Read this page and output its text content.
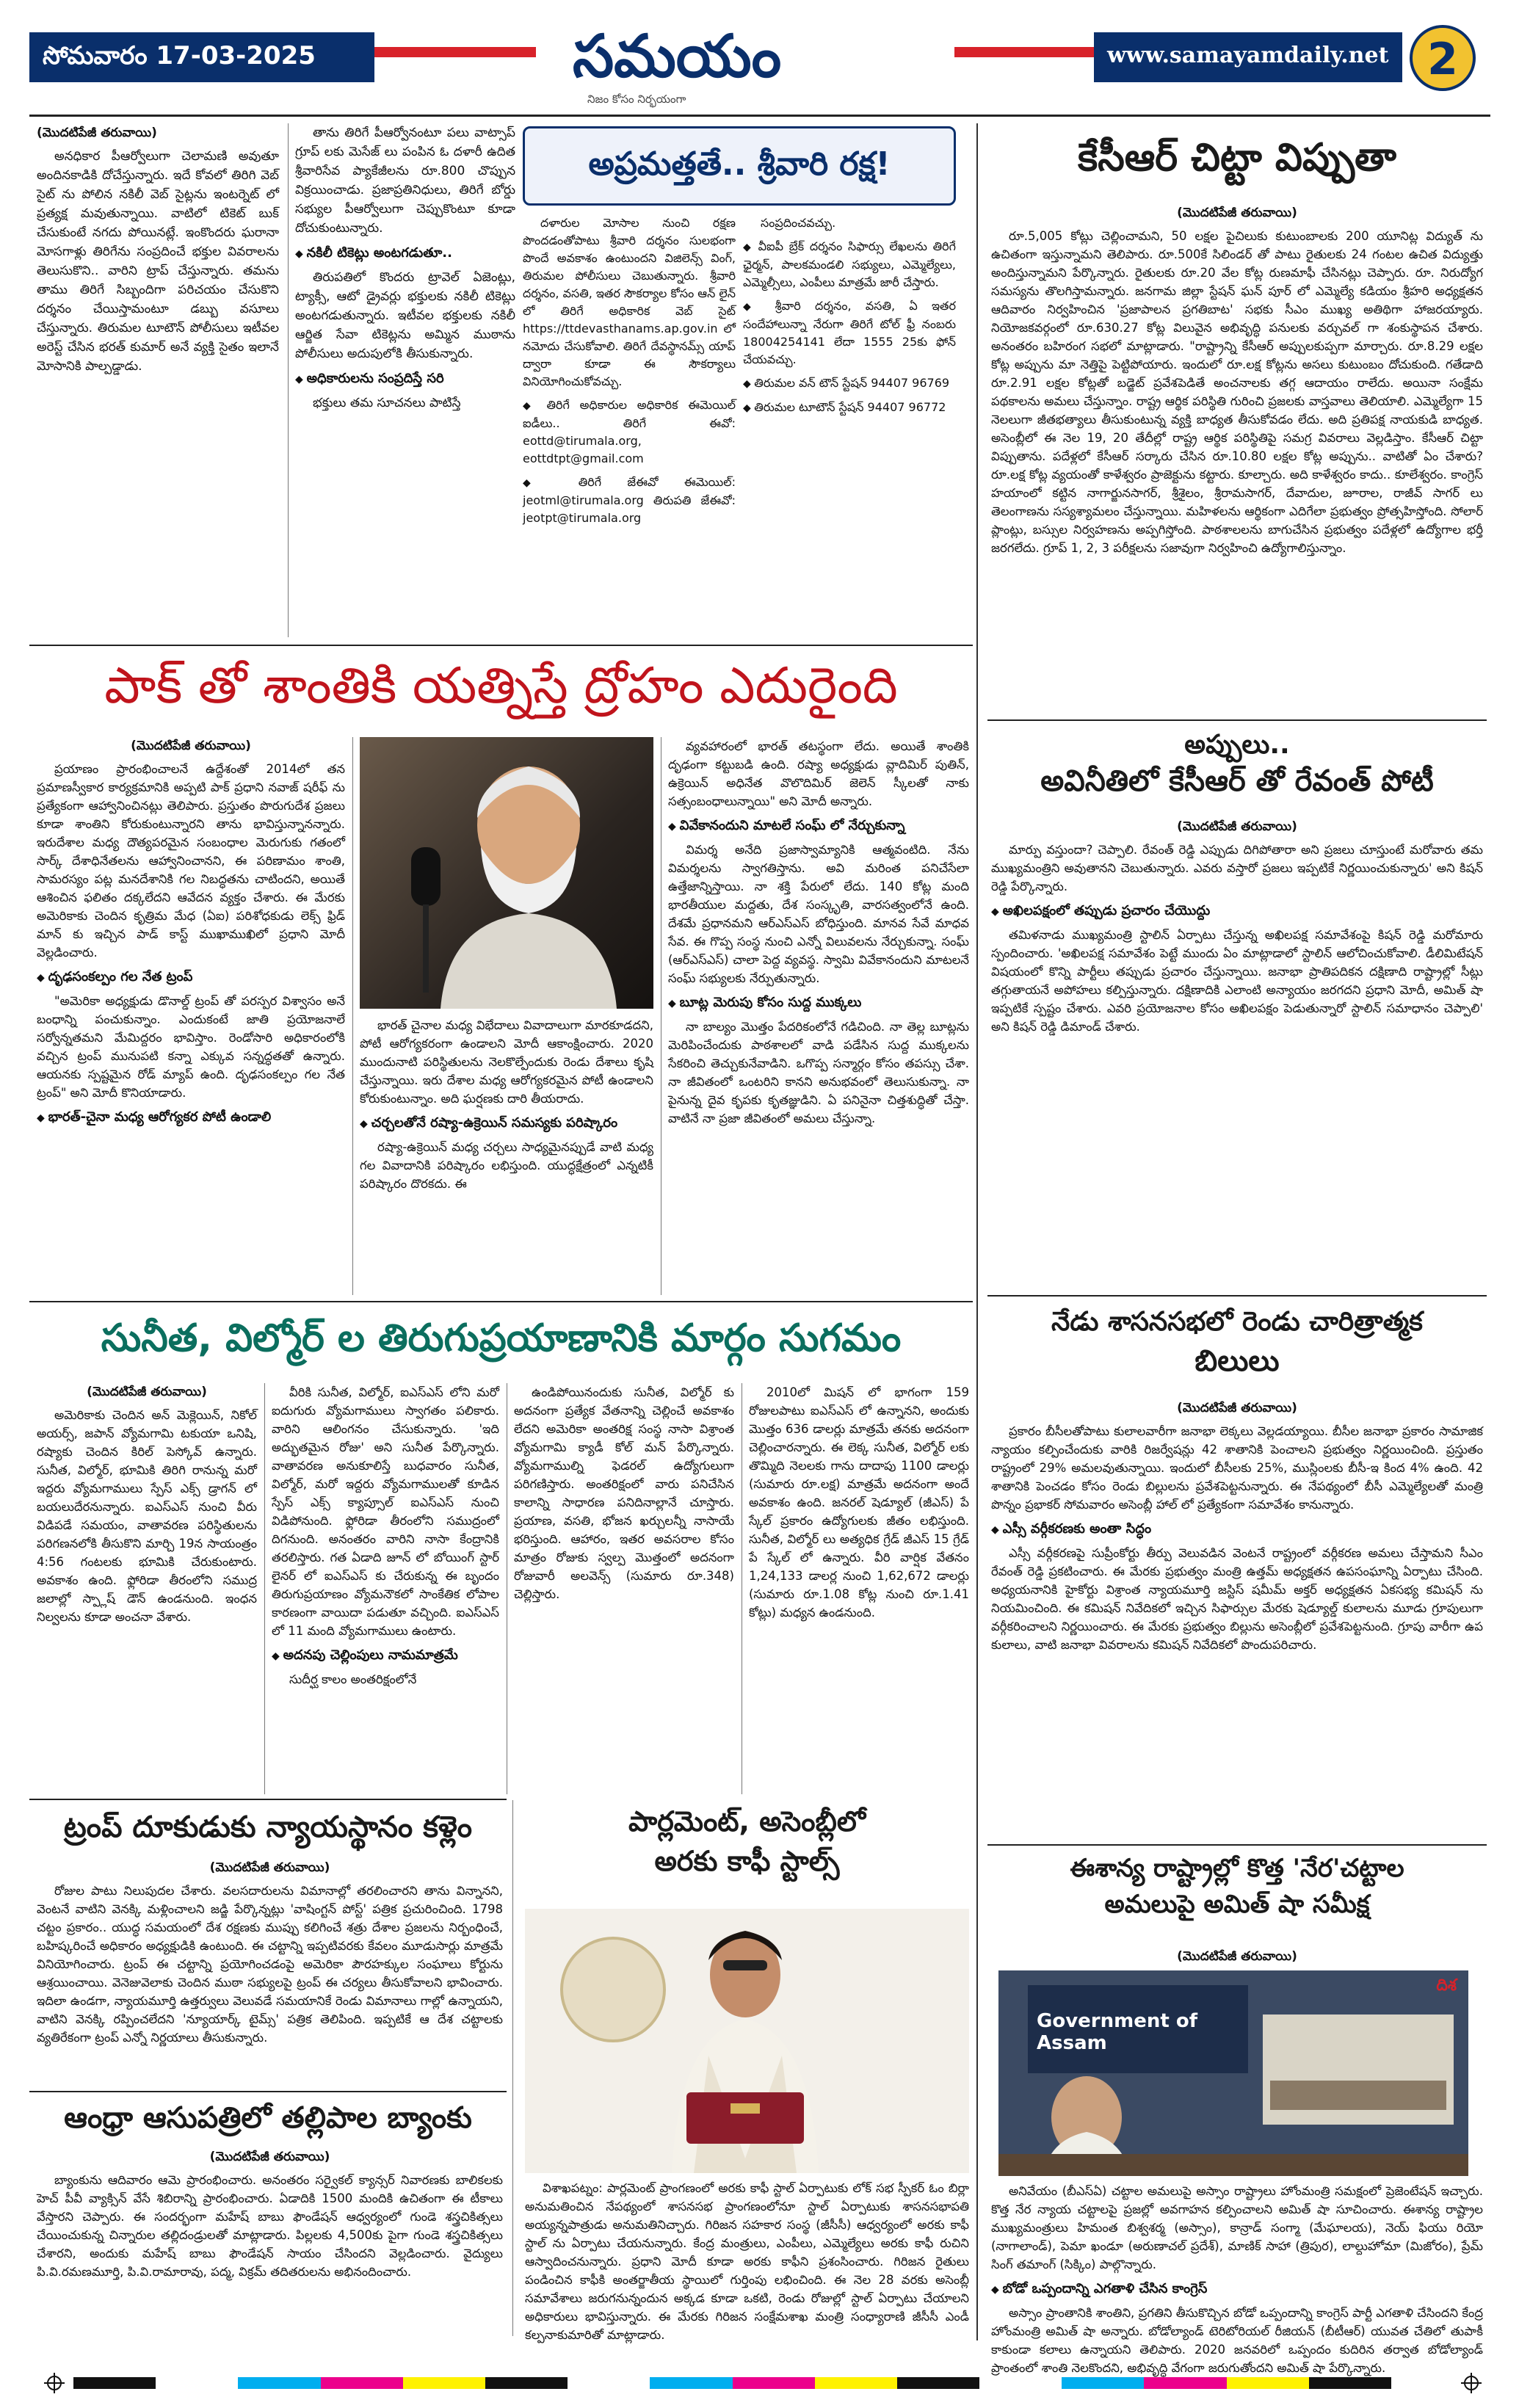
సోమవారం 17-03-2025	సమయం
నిజం కోసం నిర్భయంగా
www.samayamdaily.net 2
(మొదటిపేజీ తరువాయి)

అనధికార పీఆర్వోలుగా చెలామణి అవుతూ అందినకాడికి దోచేస్తున్నారు. ఇదే కోవలో తిరిగి వెబ్ సైట్ ను పోలిన నకిలీ వెబ్ సైట్లను ఇంటర్నెట్ లో ప్రత్యక్ష మవుతున్నాయి. వాటిలో టికెట్ బుక్ చేసుకుంటే నగదు పోయినట్లే. ఇంకొందరు ఘరానా మోసగాళ్లు తిరిగేను సంప్రదించే భక్తుల వివరాలను తెలుసుకొని.. వారిని ట్రాప్ చేస్తున్నారు. తమను తాము తిరిగే సిబ్బందిగా పరిచయం చేసుకొని దర్శనం చేయిస్తామంటూ డబ్బు వసూలు చేస్తున్నారు. తిరుమల టూటౌన్ పోలీసులు ఇటీవల అరెస్ట్ చేసిన భరత్ కుమార్ అనే వ్యక్తి సైతం ఇలానే మోసానికి పాల్పడ్డాడు.

తాను తిరిగే పీఆర్వోనంటూ పలు వాట్సాప్ గ్రూప్ లకు మెసేజ్ లు పంపిన ఓ దళారీ ఉదిత శ్రీవారిసేవ ప్యాకేజీలను రూ.800 చొప్పున విక్రయించాడు. ప్రజాప్రతినిధులు, తిరిగే బోర్డు సభ్యుల పీఆర్వోలుగా చెప్పుకొంటూ కూడా దోచుకుంటున్నారు.

◆ నకిలీ టికెట్లు అంటగడుతూ..

తిరుపతిలో కొందరు ట్రావెల్ ఏజెంట్లు, ట్యాక్సీ, ఆటో డ్రైవర్లు భక్తులకు నకిలీ టికెట్లు అంటగడుతున్నారు. ఇటీవల భక్తులకు నకిలీ ఆర్జిత సేవా టికెట్లను అమ్మిన ముఠాను పోలీసులు అదుపులోకి తీసుకున్నారు.

◆ అధికారులను సంప్రదిస్తే సరి

భక్తులు తమ సూచనలు పాటిస్తే

అప్రమత్తతే.. శ్రీవారి రక్ష!

దళారుల మోసాల నుంచి రక్షణ పొందడంతోపాటు శ్రీవారి దర్శనం సులభంగా పొందే అవకాశం ఉంటుందని విజిలెన్స్ వింగ్, తిరుమల పోలీసులు చెబుతున్నారు. శ్రీవారి దర్శనం, వసతి, ఇతర సౌకర్యాల కోసం ఆన్ లైన్ లో తిరిగే అధికారిక వెబ్ సైట్ https://ttdevasthanams.ap.gov.in లో నమోదు చేసుకోవాలి. తిరిగే దేవస్థానమ్స్ యాప్ ద్వారా కూడా ఈ సౌకర్యాలు వినియోగించుకోవచ్చు.

◆ తిరిగే అధికారుల అధికారిక ఈమెయిల్ ఐడీలు.. తిరిగే ఈవో: eottd@tirumala.org, eottdtpt@gmail.com
◆ తిరిగే జేఈవో ఈమెయిల్: jeotml@tirumala.org తిరుపతి జేఈవో: jeotpt@tirumala.org

సంప్రదించవచ్చు.

◆ వీఐపీ బ్రేక్ దర్శనం సిఫార్సు లేఖలను తిరిగే ఛైర్మన్, పాలకమండలి సభ్యులు, ఎమ్మెల్యేలు, ఎమ్మెల్సీలు, ఎంపీలు మాత్రమే జారీ చేస్తారు.
◆ శ్రీవారి దర్శనం, వసతి, ఏ ఇతర సందేహాలున్నా నేరుగా తిరిగే టోల్ ఫ్రీ నంబరు 18004254141 లేదా 1555 25కు ఫోన్ చేయవచ్చు.
◆ తిరుమల వన్ టౌన్ స్టేషన్ 94407 96769
◆ తిరుమల టూటౌన్ స్టేషన్ 94407 96772
కేసీఆర్ చిట్టా విప్పుతా
(మొదటిపేజీ తరువాయి)

రూ.5,005 కోట్లు చెల్లించామని, 50 లక్షల పైచిలుకు కుటుంబాలకు 200 యూనిట్ల విద్యుత్ ను ఉచితంగా ఇస్తున్నామని తెలిపారు. రూ.500కే సిలిండర్ తో పాటు రైతులకు 24 గంటల ఉచిత విద్యుత్తు అందిస్తున్నామని పేర్కొన్నారు. రైతులకు రూ.20 వేల కోట్ల రుణమాఫీ చేసినట్లు చెప్పారు. రూ. నిరుద్యోగ సమస్యను తొలగిస్తామన్నారు. జనగామ జిల్లా స్టేషన్ ఘన్ పూర్ లో ఎమ్మెల్యే కడియం శ్రీహరి అధ్యక్షతన ఆదివారం నిర్వహించిన 'ప్రజాపాలన ప్రగతిబాట' సభకు సీఎం ముఖ్య అతిథిగా హాజరయ్యారు. నియోజకవర్గంలో రూ.630.27 కోట్ల విలువైన అభివృద్ధి పనులకు వర్చువల్ గా శంకుస్థాపన చేశారు. అనంతరం బహిరంగ సభలో మాట్లాడారు. "రాష్ట్రాన్ని కేసీఆర్ అప్పులకుప్పగా మార్చారు. రూ.8.29 లక్షల కోట్ల అప్పును మా నెత్తిపై పెట్టిపోయారు. ఇందులో రూ.లక్ష కోట్లను అసలు కుటుంబం దోచుకుంది. గతేడాది రూ.2.91 లక్షల కోట్లతో బడ్జెట్ ప్రవేశపెడితే అంచనాలకు తగ్గ ఆదాయం రాలేదు. అయినా సంక్షేమ పథకాలను అమలు చేస్తున్నాం. రాష్ట్ర ఆర్థిక పరిస్థితి గురించి ప్రజలకు వాస్తవాలు తెలియాలి. ఎమ్మెల్యేగా 15 నెలలుగా జీతభత్యాలు తీసుకుంటున్న వ్యక్తి బాధ్యత తీసుకోవడం లేదు. అది ప్రతిపక్ష నాయకుడి బాధ్యత. అసెంబ్లీలో ఈ నెల 19, 20 తేదీల్లో రాష్ట్ర ఆర్థిక పరిస్థితిపై సమగ్ర వివరాలు వెల్లడిస్తాం. కేసీఆర్ చిట్టా విప్పుతాను. పదేళ్లలో కేసీఆర్ సర్కారు చేసిన రూ.10.80 లక్షల కోట్ల అప్పును.. వాటితో ఏం చేశారు? రూ.లక్ష కోట్ల వ్యయంతో కాళేశ్వరం ప్రాజెక్టును కట్టారు. కూల్చారు. అది కాళేశ్వరం కాదు.. కూలేశ్వరం. కాంగ్రెస్ హయాంలో కట్టిన నాగార్జునసాగర్, శ్రీశైలం, శ్రీరామసాగర్, దేవాదుల, జూరాల, రాజీవ్ సాగర్ లు తెలంగాణను సస్యశ్యామలం చేస్తున్నాయి. మహిళలను ఆర్థికంగా ఎదిగేలా ప్రభుత్వం ప్రోత్సహిస్తోంది. సోలార్ ప్లాంట్లు, బస్సుల నిర్వహణను అప్పగిస్తోంది. పాఠశాలలను బాగుచేసిన ప్రభుత్వం పదేళ్లలో ఉద్యోగాల భర్తీ జరగలేదు. గ్రూప్ 1, 2, 3 పరీక్షలను సజావుగా నిర్వహించి ఉద్యోగాలిస్తున్నాం.

పాక్ తో శాంతికి యత్నిస్తే ద్రోహం ఎదురైంది
(మొదటిపేజీ తరువాయి)

ప్రయాణం ప్రారంభించాలనే ఉద్దేశంతో 2014లో తన ప్రమాణస్వీకార కార్యక్రమానికి అప్పటి పాక్ ప్రధాని నవాజ్ షరీఫ్ ను ప్రత్యేకంగా ఆహ్వానించినట్లు తెలిపారు. ప్రస్తుతం పొరుగుదేశ ప్రజలు కూడా శాంతిని కోరుకుంటున్నారని తాను భావిస్తున్నానన్నారు. ఇరుదేశాల మధ్య దౌత్యపరమైన సంబంధాల మెరుగుకు గతంలో సార్క్ దేశాధినేతలను ఆహ్వానించానని, ఈ పరిణామం శాంతి, సామరస్యం పట్ల మనదేశానికి గల నిబద్ధతను చాటిందని, అయితే ఆశించిన ఫలితం దక్కలేదని ఆవేదన వ్యక్తం చేశారు. ఈ మేరకు అమెరికాకు చెందిన కృత్రిమ మేధ (ఏఐ) పరిశోధకుడు లెక్స్ ఫ్రిడ్ మాన్ కు ఇచ్చిన పాడ్ కాస్ట్ ముఖాముఖిలో ప్రధాని మోదీ వెల్లడించారు.

◆ దృఢసంకల్పం గల నేత ట్రంప్

"అమెరికా అధ్యక్షుడు డొనాల్డ్ ట్రంప్ తో పరస్పర విశ్వాసం అనే బంధాన్ని పంచుకున్నాం. ఎందుకంటే జాతి ప్రయోజనాలే సర్వోన్నతమని మేమిద్దరం భావిస్తాం. రెండోసారి అధికారంలోకి వచ్చిన ట్రంప్ మునుపటి కన్నా ఎక్కువ సన్నద్ధతతో ఉన్నారు. ఆయనకు స్పష్టమైన రోడ్ మ్యాప్ ఉంది. దృఢసంకల్పం గల నేత ట్రంప్" అని మోదీ కొనియాడారు.

◆ భారత్-చైనా మధ్య ఆరోగ్యకర పోటీ ఉండాలి

భారత్ చైనాల మధ్య విభేదాలు వివాదాలుగా మారకూడదని, పోటీ ఆరోగ్యకరంగా ఉండాలని మోదీ ఆకాంక్షించారు. 2020 ముందునాటి పరిస్థితులను నెలకొల్పేందుకు రెండు దేశాలు కృషి చేస్తున్నాయి. ఇరు దేశాల మధ్య ఆరోగ్యకరమైన పోటీ ఉండాలని కోరుకుంటున్నాం. అది ఘర్షణకు దారి తీయరాదు.

◆ చర్చలతోనే రష్యా-ఉక్రెయిన్ సమస్యకు పరిష్కారం

రష్యా-ఉక్రెయిన్ మధ్య చర్చలు సాధ్యమైనప్పుడే వాటి మధ్య గల వివాదానికి పరిష్కారం లభిస్తుంది. యుద్ధక్షేత్రంలో ఎన్నటికీ పరిష్కారం దొరకదు. ఈ

వ్యవహారంలో భారత్ తటస్థంగా లేదు. అయితే శాంతికి దృఢంగా కట్టుబడి ఉంది. రష్యా అధ్యక్షుడు వ్లాదిమిర్ పుతిన్, ఉక్రెయిన్ అధినేత వొలొదిమిర్ జెలెన్ స్కీలతో నాకు సత్సంబంధాలున్నాయి" అని మోదీ అన్నారు.

◆ వివేకానందుని మాటలే సంఘ్ లో నేర్చుకున్నా

విమర్శ అనేది ప్రజాస్వామ్యానికి ఆత్మవంటిది. నేను విమర్శలను స్వాగతిస్తాను. అవి మరింత పనిచేసేలా ఉత్తేజాన్నిస్తాయి. నా శక్తి పేరులో లేదు. 140 కోట్ల మంది భారతీయుల మద్దతు, దేశ సంస్కృతి, వారసత్వంలోనే ఉంది. దేశమే ప్రధానమని ఆర్ఎస్ఎస్ బోధిస్తుంది. మానవ సేవే మాధవ సేవ. ఈ గొప్ప సంస్థ నుంచి ఎన్నో విలువలను నేర్చుకున్నా. సంఘ్ (ఆర్ఎస్ఎస్) చాలా పెద్ద వ్యవస్థ. స్వామి వివేకానందుని మాటలనే సంఘ్ సభ్యులకు నేర్పుతున్నారు.

◆ బూట్ల మెరుపు కోసం సుద్ద ముక్కలు

నా బాల్యం మొత్తం పేదరికంలోనే గడిచింది. నా తెల్ల బూట్లను మెరిపించేందుకు పాఠశాలలో వాడి పడేసిన సుద్ద ముక్కలను సేకరించి తెచ్చుకునేవాడిని. ఒగొప్ప సన్మార్గం కోసం తపస్సు చేశా. నా జీవితంలో ఒంటరిని కానని అనుభవంలో తెలుసుకున్నా. నా పైనున్న దైవ కృపకు కృతజ్ఞుడిని. ఏ పనినైనా చిత్తశుద్ధితో చేస్తా. వాటినే నా ప్రజా జీవితంలో అమలు చేస్తున్నా.

అప్పులు..
అవినీతిలో కేసీఆర్ తో రేవంత్ పోటీ
(మొదటిపేజీ తరువాయి)

మార్పు వస్తుందా? చెప్పాలి. రేవంత్ రెడ్డి ఎప్పుడు దిగిపోతారా అని ప్రజలు చూస్తుంటే మరోవారు తమ ముఖ్యమంత్రిని అవుతానని చెబుతున్నారు. ఎవరు వస్తారో ప్రజలు ఇప్పటికే నిర్ణయించుకున్నారు' అని కిషన్ రెడ్డి పేర్కొన్నారు.

◆ అఖిలపక్షంలో తప్పుడు ప్రచారం చేయొద్దు

తమిళనాడు ముఖ్యమంత్రి స్టాలిన్ ఏర్పాటు చేస్తున్న అఖిలపక్ష సమావేశంపై కిషన్ రెడ్డి మరోమారు స్పందించారు. 'అఖిలపక్ష సమావేశం పెట్టే ముందు ఏం మాట్లాడాలో స్టాలిన్ ఆలోచించుకోవాలి. డీలిమిటేషన్ విషయంలో కొన్ని పార్టీలు తప్పుడు ప్రచారం చేస్తున్నాయి. జనాభా ప్రాతిపదికన దక్షిణాది రాష్ట్రాల్లో సీట్లు తగ్గుతాయనే అపోహలు కల్పిస్తున్నారు. దక్షిణాదికి ఎలాంటి అన్యాయం జరగదని ప్రధాని మోదీ, అమిత్ షా ఇప్పటికే స్పష్టం చేశారు. ఎవరి ప్రయోజనాల కోసం అఖిలపక్షం పెడుతున్నారో స్టాలిన్ సమాధానం చెప్పాలి' అని కిషన్ రెడ్డి డిమాండ్ చేశారు.

సునీత, విల్మోర్ ల తిరుగుప్రయాణానికి మార్గం సుగమం
(మొదటిపేజీ తరువాయి)

అమెరికాకు చెందిన అన్ మెక్లెయిన్, నికోల్ అయర్స్, జపాన్ వ్యోమగామి టకుయా ఒనిషి, రష్యాకు చెందిన కిరిల్ పెస్కోవ్ ఉన్నారు. సునీత, విల్మోర్, భూమికి తిరిగి రానున్న మరో ఇద్దరు వ్యోమగాములు స్పేస్ ఎక్స్ డ్రాగన్ లో బయలుదేరనున్నారు. ఐఎస్ఎస్ నుంచి వీరు విడిపడే సమయం, వాతావరణ పరిస్థితులను పరిగణనలోకి తీసుకొని మార్చి 19న సాయంత్రం 4:56 గంటలకు భూమికి చేరుకుంటారు. అవకాశం ఉంది. ఫ్లోరిడా తీరంలోని సముద్ర జలాల్లో స్ప్లాష్ డౌన్ ఉండనుంది. ఇంధన నిల్వలను కూడా అంచనా వేశారు.

వీరికి సునీత, విల్మోర్, ఐఎస్ఎస్ లోని మరో ఐదుగురు వ్యోమగాములు స్వాగతం పలికారు. వారిని ఆలింగనం చేసుకున్నారు. 'ఇది అద్భుతమైన రోజు' అని సునీత పేర్కొన్నారు. వాతావరణ అనుకూలిస్తే బుధవారం సునీత, విల్మోర్, మరో ఇద్దరు వ్యోమగాములతో కూడిన స్పేస్ ఎక్స్ క్యాప్సూల్ ఐఎస్ఎస్ నుంచి విడిపోనుంది. ఫ్లోరిడా తీరంలోని సముద్రంలో దిగనుంది. అనంతరం వారిని నాసా కేంద్రానికి తరలిస్తారు. గత ఏడాది జూన్ లో బోయింగ్ స్టార్ లైనర్ లో ఐఎస్ఎస్ కు చేరుకున్న ఈ బృందం తిరుగుప్రయాణం వ్యోమనౌకలో సాంకేతిక లోపాల కారణంగా వాయిదా పడుతూ వచ్చింది. ఐఎస్ఎస్ లో 11 మంది వ్యోమగాములు ఉంటారు.

◆ అదనపు చెల్లింపులు నామమాత్రమే

సుదీర్ఘ కాలం అంతరిక్షంలోనే

ఉండిపోయినందుకు సునీత, విల్మోర్ కు అదనంగా ప్రత్యేక వేతనాన్ని చెల్లించే అవకాశం లేదని అమెరికా అంతరిక్ష సంస్థ నాసా విశ్రాంత వ్యోమగామి క్యాడీ కోల్ మన్ పేర్కొన్నారు. వ్యోమగాముల్ని ఫెడరల్ ఉద్యోగులుగా పరిగణిస్తారు. అంతరిక్షంలో వారు పనిచేసిన కాలాన్ని సాధారణ పనిదినాల్లానే చూస్తారు. ప్రయాణ, వసతి, భోజన ఖర్చులన్నీ నాసాయే భరిస్తుంది. ఆహారం, ఇతర అవసరాల కోసం మాత్రం రోజుకు స్వల్ప మొత్తంలో అదనంగా రోజువారీ అలవెన్స్ (సుమారు రూ.348) చెల్లిస్తారు.

2010లో మిషన్ లో భాగంగా 159 రోజులపాటు ఐఎస్ఎస్ లో ఉన్నానని, అందుకు మొత్తం 636 డాలర్లు మాత్రమే తనకు అదనంగా చెల్లించారన్నారు. ఈ లెక్క సునీత, విల్మోర్ లకు తొమ్మిది నెలలకు గాను దాదాపు 1100 డాలర్లు (సుమారు రూ.లక్ష) మాత్రమే అదనంగా అందే అవకాశం ఉంది. జనరల్ షెడ్యూల్ (జీఎస్) పే స్కేల్ ప్రకారం ఉద్యోగులకు జీతం లభిస్తుంది. సునీత, విల్మోర్ లు అత్యధిక గ్రేడ్ జీఎస్ 15 గ్రేడ్ పే స్కేల్ లో ఉన్నారు. వీరి వార్షిక వేతనం 1,24,133 డాలర్ల నుంచి 1,62,672 డాలర్లు (సుమారు రూ.1.08 కోట్ల నుంచి రూ.1.41 కోట్లు) మధ్యన ఉండనుంది.

నేడు శాసనసభలో రెండు చారిత్రాత్మక
బిలులు
(మొదటిపేజీ తరువాయి)

ప్రకారం బీసీలతోపాటు కులాలవారీగా జనాభా లెక్కలు వెల్లడయ్యాయి. బీసీల జనాభా ప్రకారం సామాజిక న్యాయం కల్పించేందుకు వారికి రిజర్వేషన్లు 42 శాతానికి పెంచాలని ప్రభుత్వం నిర్ణయించింది. ప్రస్తుతం రాష్ట్రంలో 29% అమలవుతున్నాయి. ఇందులో బీసీలకు 25%, ముస్లింలకు బీసీ-ఇ కింద 4% ఉంది. 42 శాతానికి పెంచడం కోసం రెండు బిల్లులను ప్రవేశపెట్టనున్నారు. ఈ నేపథ్యంలో బీసీ ఎమ్మెల్యేలతో మంత్రి పొన్నం ప్రభాకర్ సోమవారం అసెంబ్లీ హాల్ లో ప్రత్యేకంగా సమావేశం కానున్నారు.

◆ ఎస్సీ వర్గీకరణకు అంతా సిద్ధం

ఎస్సీ వర్గీకరణపై సుప్రీంకోర్టు తీర్పు వెలువడిన వెంటనే రాష్ట్రంలో వర్గీకరణ అమలు చేస్తామని సీఎం రేవంత్ రెడ్డి ప్రకటించారు. ఈ మేరకు ప్రభుత్వం మంత్రి ఉత్తమ్ అధ్యక్షతన ఉపసంఘాన్ని ఏర్పాటు చేసింది. అధ్యయనానికి హైకోర్టు విశ్రాంత న్యాయమూర్తి జస్టిస్ షమీమ్ అక్తర్ అధ్యక్షతన ఏకసభ్య కమిషన్ ను నియమించింది. ఈ కమిషన్ నివేదికలో ఇచ్చిన సిఫార్సుల మేరకు షెడ్యూల్డ్ కులాలను మూడు గ్రూపులుగా వర్గీకరించాలని నిర్ణయించారు. ఈ మేరకు ప్రభుత్వం బిల్లును అసెంబ్లీలో ప్రవేశపెట్టనుంది. గ్రూపు వారీగా ఉప కులాలు, వాటి జనాభా వివరాలను కమిషన్ నివేదికలో పొందుపరిచారు.

ట్రంప్ దూకుడుకు న్యాయస్థానం కళ్లెం
(మొదటిపేజీ తరువాయి)

రోజుల పాటు నిలుపుదల చేశారు. వలసదారులను విమానాల్లో తరలించారని తాను విన్నానని, వెంటనే వాటిని వెనక్కి మళ్లించాలని జడ్జి పేర్కొన్నట్లు 'వాషింగ్టన్ పోస్ట్' పత్రిక ప్రచురించింది. 1798 చట్టం ప్రకారం.. యుద్ధ సమయంలో దేశ రక్షణకు ముప్పు కలిగించే శత్రు దేశాల ప్రజలను నిర్బంధించే, బహిష్కరించే అధికారం అధ్యక్షుడికి ఉంటుంది. ఈ చట్టాన్ని ఇప్పటివరకు కేవలం మూడుసార్లు మాత్రమే వినియోగించారు. ట్రంప్ ఈ చట్టాన్ని ప్రయోగించడంపై అమెరికా పౌరహక్కుల సంఘాలు కోర్టును ఆశ్రయించాయి. వెనెజువెలాకు చెందిన ముఠా సభ్యులపై ట్రంప్ ఈ చర్యలు తీసుకోవాలని భావించారు. ఇదిలా ఉండగా, న్యాయమూర్తి ఉత్తర్వులు వెలువడే సమయానికే రెండు విమానాలు గాల్లో ఉన్నాయని, వాటిని వెనక్కి రప్పించలేదని 'న్యూయార్క్ టైమ్స్' పత్రిక తెలిపింది. ఇప్పటికే ఆ దేశ చట్టాలకు వ్యతిరేకంగా ట్రంప్ ఎన్నో నిర్ణయాలు తీసుకున్నారు.

ఆంధ్రా ఆసుపత్రిలో తల్లిపాల బ్యాంకు
(మొదటిపేజీ తరువాయి)

బ్యాంకును ఆదివారం ఆమె ప్రారంభించారు. అనంతరం సర్వైకల్ క్యాన్సర్ నివారణకు బాలికలకు హెచ్ పీవీ వ్యాక్సిన్ వేసే శిబిరాన్ని ప్రారంభించారు. ఏడాదికి 1500 మందికి ఉచితంగా ఈ టీకాలు వేస్తారని చెప్పారు. ఈ సందర్భంగా మహేష్ బాబు ఫౌండేషన్ ఆధ్వర్యంలో గుండె శస్త్రచికిత్సలు చేయించుకున్న చిన్నారుల తల్లిదండ్రులతో మాట్లాడారు. పిల్లలకు 4,500కు పైగా గుండె శస్త్రచికిత్సలు చేశారని, అందుకు మహేష్ బాబు ఫౌండేషన్ సాయం చేసిందని వెల్లడించారు. వైద్యులు పి.వి.రమణమూర్తి, పి.వి.రామారావు, పద్మ, విక్రమ్ తదితరులను అభినందించారు.

పార్లమెంట్, అసెంబ్లీలో
అరకు కాఫీ స్టాల్స్

విశాఖపట్నం: పార్లమెంట్ ప్రాంగణంలో అరకు కాఫీ స్టాల్ ఏర్పాటుకు లోక్ సభ స్పీకర్ ఓం బిర్లా అనుమతించిన నేపథ్యంలో శాసనసభ ప్రాంగణంలోనూ స్టాల్ ఏర్పాటుకు శాసనసభాపతి అయ్యన్నపాత్రుడు అనుమతినిచ్చారు. గిరిజన సహకార సంస్థ (జీసీసీ) ఆధ్వర్యంలో అరకు కాఫీ స్టాల్ ను ఏర్పాటు చేయనున్నారు. కేంద్ర మంత్రులు, ఎంపీలు, ఎమ్మెల్యేలు అరకు కాఫీ రుచిని ఆస్వాదించనున్నారు. ప్రధాని మోదీ కూడా అరకు కాఫీని ప్రశంసించారు. గిరిజన రైతులు పండించిన కాఫీకి అంతర్జాతీయ స్థాయిలో గుర్తింపు లభించింది. ఈ నెల 28 వరకు అసెంబ్లీ సమావేశాలు జరుగనున్నందున అక్కడ కూడా ఒకటి, రెండు రోజుల్లో స్టాల్ ఏర్పాటు చేయాలని అధికారులు భావిస్తున్నారు. ఈ మేరకు గిరిజన సంక్షేమశాఖ మంత్రి సంధ్యారాణి జీసీసీ ఎండీ కల్పనాకుమారితో మాట్లాడారు.

ఈశాన్య రాష్ట్రాల్లో కొత్త 'నేర'చట్టాల
అమలుపై అమిత్ షా సమీక్ష
(మొదటిపేజీ తరువాయి)
Government of Assam
దిశ

అనివేయం (బీఎస్ఏ) చట్టాల అమలుపై అస్సాం రాష్ట్రాలు హోంమంత్రి సమక్షంలో ప్రెజెంటేషన్ ఇచ్చారు. కొత్త నేర న్యాయ చట్టాలపై ప్రజల్లో అవగాహన కల్పించాలని అమిత్ షా సూచించారు. ఈశాన్య రాష్ట్రాల ముఖ్యమంత్రులు హిమంత బిశ్వశర్మ (అస్సాం), కాన్రాడ్ సంగ్మా (మేఘాలయ), నెయ్ ఫియు రియో (నాగాలాండ్), పెమా ఖండూ (అరుణాచల్ ప్రదేశ్), మాణిక్ సాహా (త్రిపుర), లాల్దుహోమా (మిజోరం), ప్రేమ్ సింగ్ తమాంగ్ (సిక్కిం) పాల్గొన్నారు.

◆ బోడో ఒప్పందాన్ని ఎగతాళి చేసిన కాంగ్రెస్

అస్సాం ప్రాంతానికి శాంతిని, ప్రగతిని తీసుకొచ్చిన బోడో ఒప్పందాన్ని కాంగ్రెస్ పార్టీ ఎగతాళి చేసిందని కేంద్ర హోంమంత్రి అమిత్ షా అన్నారు. బోడోల్యాండ్ టెరిటోరియల్ రీజియన్ (బీటీఆర్) యువత చేతిలో తుపాకీ కాకుండా కలాలు ఉన్నాయని తెలిపారు. 2020 జనవరిలో ఒప్పందం కుదిరిన తర్వాత బోడోల్యాండ్ ప్రాంతంలో శాంతి నెలకొందని, అభివృద్ధి వేగంగా జరుగుతోందని అమిత్ షా పేర్కొన్నారు.
